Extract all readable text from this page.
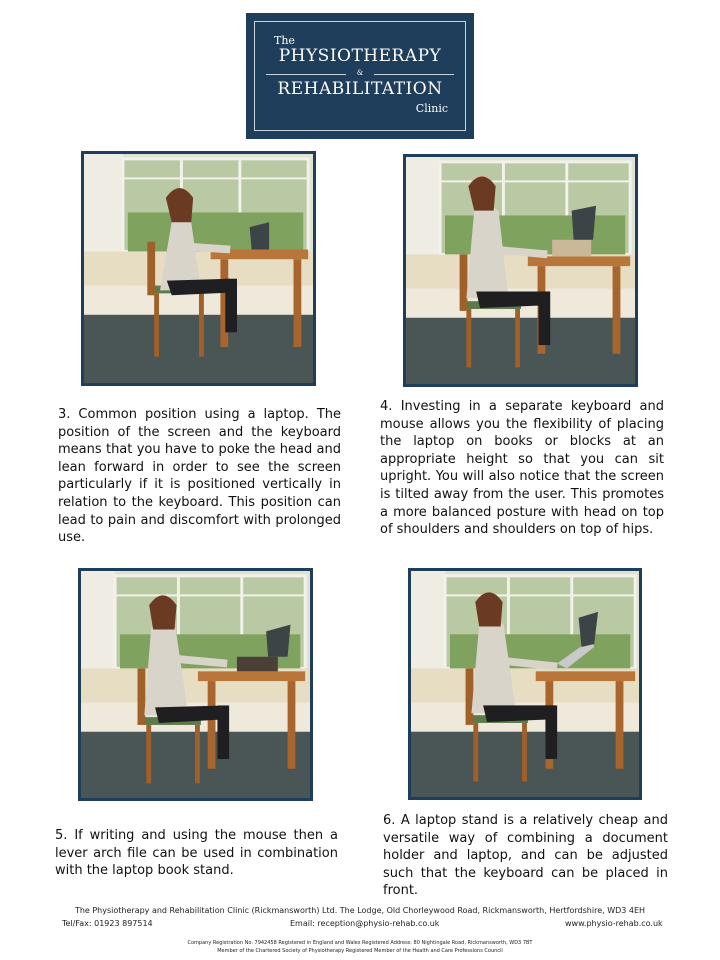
The
PHYSIOTHERAPY
&
REHABILITATION
Clinic
3. Common position using a laptop. The position of the screen and the keyboard means that you have to poke the head and lean forward in order to see the screen particularly if it is positioned vertically in relation to the keyboard. This position can lead to pain and discomfort with prolonged use.
4. Investing in a separate keyboard and mouse allows you the flexibility of placing the laptop on books or blocks at an appropriate height so that you can sit upright. You will also notice that the screen is tilted away from the user. This promotes a more balanced posture with head on top of shoulders and shoulders on top of hips.
5. If writing and using the mouse then a lever arch file can be used in combination with the laptop book stand.
6. A laptop stand is a relatively cheap and versatile way of combining a document holder and laptop, and can be adjusted such that the keyboard can be placed in front.
The Physiotherapy and Rehabilitation Clinic (Rickmansworth) Ltd. The Lodge, Old Chorleywood Road, Rickmansworth, Hertfordshire, WD3 4EH
Tel/Fax: 01923 897514	Email: reception@physio-rehab.co.uk	www.physio-rehab.co.uk
Company Registration No. 7942458 Registered in England and Wales Registered Address: 80 Nightingale Road, Rickmansworth, WD3 7BT
Member of the Chartered Society of Physiotherapy Registered Member of the Health and Care Professions Council
